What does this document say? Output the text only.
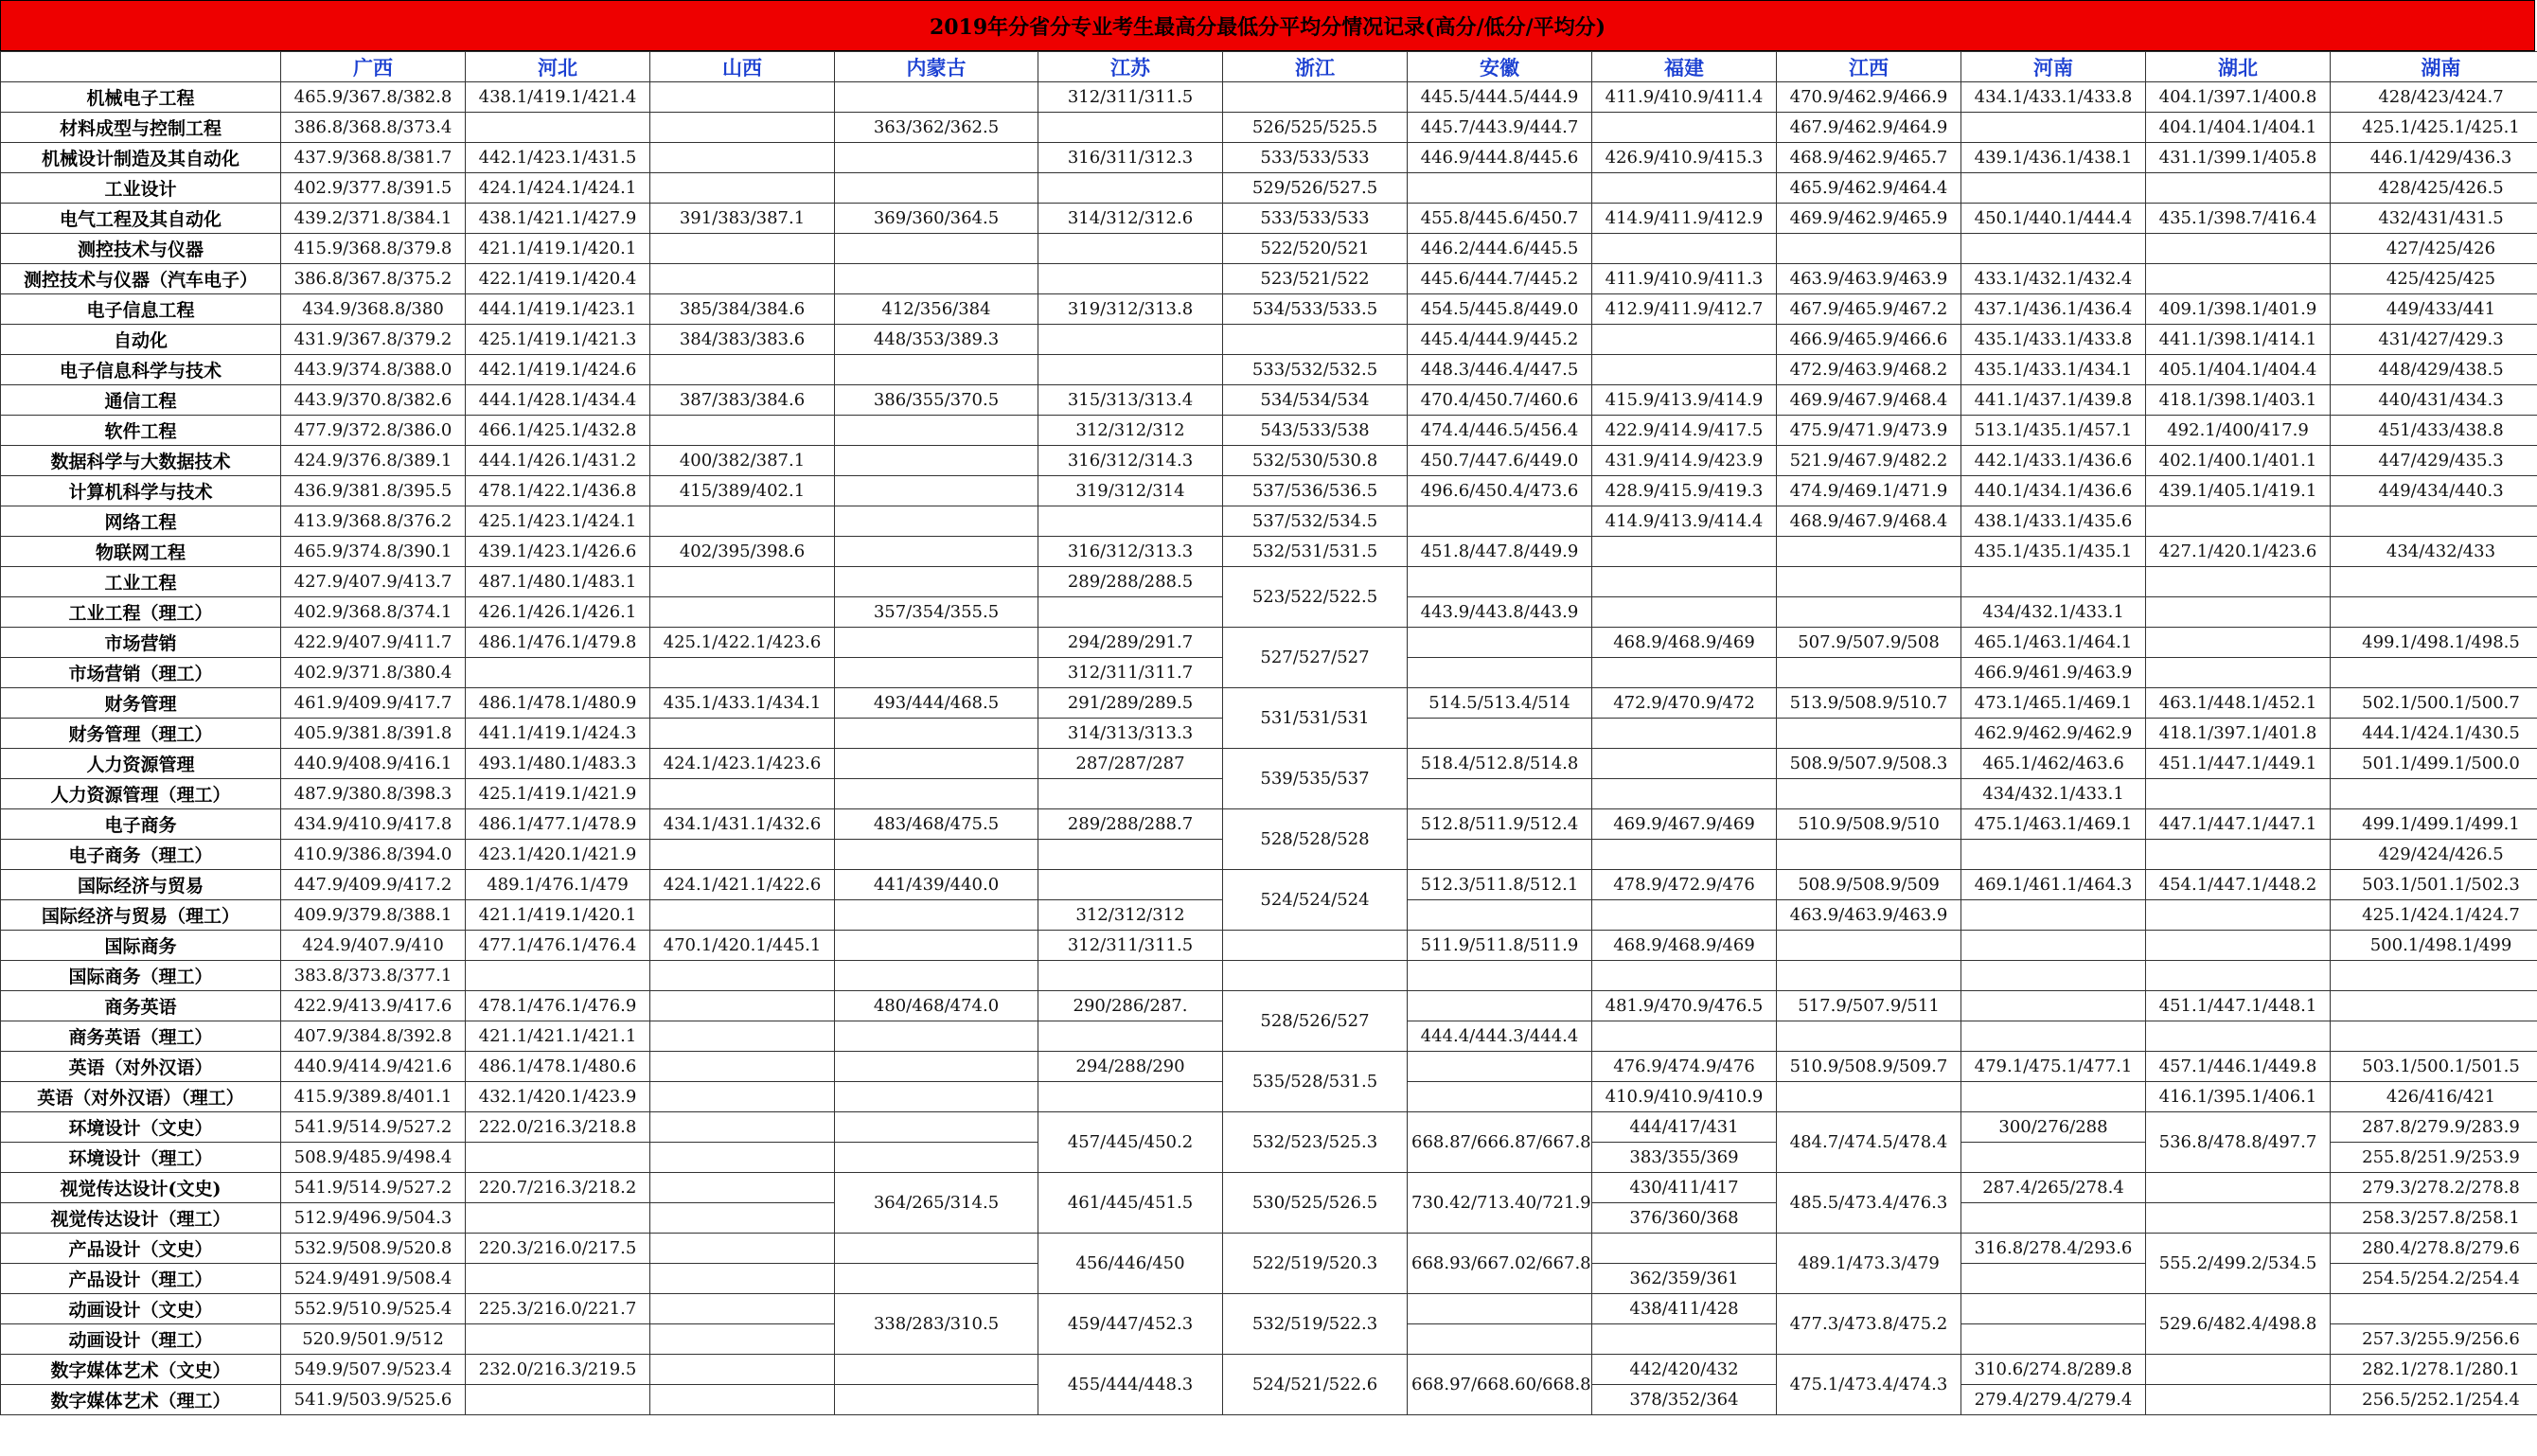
2019年分省分专业考生最高分最低分平均分情况记录(高分/低分/平均分)
	广西	河北	山西	内蒙古	江苏	浙江	安徽	福建	江西	河南	湖北	湖南
机械电子工程	465.9/367.8/382.8	438.1/419.1/421.4			312/311/311.5		445.5/444.5/444.9	411.9/410.9/411.4	470.9/462.9/466.9	434.1/433.1/433.8	404.1/397.1/400.8	428/423/424.7
材料成型与控制工程	386.8/368.8/373.4			363/362/362.5		526/525/525.5	445.7/443.9/444.7		467.9/462.9/464.9		404.1/404.1/404.1	425.1/425.1/425.1
机械设计制造及其自动化	437.9/368.8/381.7	442.1/423.1/431.5			316/311/312.3	533/533/533	446.9/444.8/445.6	426.9/410.9/415.3	468.9/462.9/465.7	439.1/436.1/438.1	431.1/399.1/405.8	446.1/429/436.3
工业设计	402.9/377.8/391.5	424.1/424.1/424.1				529/526/527.5			465.9/462.9/464.4			428/425/426.5
电气工程及其自动化	439.2/371.8/384.1	438.1/421.1/427.9	391/383/387.1	369/360/364.5	314/312/312.6	533/533/533	455.8/445.6/450.7	414.9/411.9/412.9	469.9/462.9/465.9	450.1/440.1/444.4	435.1/398.7/416.4	432/431/431.5
测控技术与仪器	415.9/368.8/379.8	421.1/419.1/420.1				522/520/521	446.2/444.6/445.5					427/425/426
测控技术与仪器（汽车电子）	386.8/367.8/375.2	422.1/419.1/420.4				523/521/522	445.6/444.7/445.2	411.9/410.9/411.3	463.9/463.9/463.9	433.1/432.1/432.4		425/425/425
电子信息工程	434.9/368.8/380	444.1/419.1/423.1	385/384/384.6	412/356/384	319/312/313.8	534/533/533.5	454.5/445.8/449.0	412.9/411.9/412.7	467.9/465.9/467.2	437.1/436.1/436.4	409.1/398.1/401.9	449/433/441
自动化	431.9/367.8/379.2	425.1/419.1/421.3	384/383/383.6	448/353/389.3			445.4/444.9/445.2		466.9/465.9/466.6	435.1/433.1/433.8	441.1/398.1/414.1	431/427/429.3
电子信息科学与技术	443.9/374.8/388.0	442.1/419.1/424.6				533/532/532.5	448.3/446.4/447.5		472.9/463.9/468.2	435.1/433.1/434.1	405.1/404.1/404.4	448/429/438.5
通信工程	443.9/370.8/382.6	444.1/428.1/434.4	387/383/384.6	386/355/370.5	315/313/313.4	534/534/534	470.4/450.7/460.6	415.9/413.9/414.9	469.9/467.9/468.4	441.1/437.1/439.8	418.1/398.1/403.1	440/431/434.3
软件工程	477.9/372.8/386.0	466.1/425.1/432.8			312/312/312	543/533/538	474.4/446.5/456.4	422.9/414.9/417.5	475.9/471.9/473.9	513.1/435.1/457.1	492.1/400/417.9	451/433/438.8
数据科学与大数据技术	424.9/376.8/389.1	444.1/426.1/431.2	400/382/387.1		316/312/314.3	532/530/530.8	450.7/447.6/449.0	431.9/414.9/423.9	521.9/467.9/482.2	442.1/433.1/436.6	402.1/400.1/401.1	447/429/435.3
计算机科学与技术	436.9/381.8/395.5	478.1/422.1/436.8	415/389/402.1		319/312/314	537/536/536.5	496.6/450.4/473.6	428.9/415.9/419.3	474.9/469.1/471.9	440.1/434.1/436.6	439.1/405.1/419.1	449/434/440.3
网络工程	413.9/368.8/376.2	425.1/423.1/424.1				537/532/534.5		414.9/413.9/414.4	468.9/467.9/468.4	438.1/433.1/435.6		
物联网工程	465.9/374.8/390.1	439.1/423.1/426.6	402/395/398.6		316/312/313.3	532/531/531.5	451.8/447.8/449.9			435.1/435.1/435.1	427.1/420.1/423.6	434/432/433
工业工程	427.9/407.9/413.7	487.1/480.1/483.1			289/288/288.5	523/522/522.5						
工业工程（理工）	402.9/368.8/374.1	426.1/426.1/426.1		357/354/355.5			443.9/443.8/443.9			434/432.1/433.1		
市场营销	422.9/407.9/411.7	486.1/476.1/479.8	425.1/422.1/423.6		294/289/291.7	527/527/527		468.9/468.9/469	507.9/507.9/508	465.1/463.1/464.1		499.1/498.1/498.5
市场营销（理工）	402.9/371.8/380.4				312/311/311.7					466.9/461.9/463.9		
财务管理	461.9/409.9/417.7	486.1/478.1/480.9	435.1/433.1/434.1	493/444/468.5	291/289/289.5	531/531/531	514.5/513.4/514	472.9/470.9/472	513.9/508.9/510.7	473.1/465.1/469.1	463.1/448.1/452.1	502.1/500.1/500.7
财务管理（理工）	405.9/381.8/391.8	441.1/419.1/424.3			314/313/313.3					462.9/462.9/462.9	418.1/397.1/401.8	444.1/424.1/430.5
人力资源管理	440.9/408.9/416.1	493.1/480.1/483.3	424.1/423.1/423.6		287/287/287	539/535/537	518.4/512.8/514.8		508.9/507.9/508.3	465.1/462/463.6	451.1/447.1/449.1	501.1/499.1/500.0
人力资源管理（理工）	487.9/380.8/398.3	425.1/419.1/421.9								434/432.1/433.1		
电子商务	434.9/410.9/417.8	486.1/477.1/478.9	434.1/431.1/432.6	483/468/475.5	289/288/288.7	528/528/528	512.8/511.9/512.4	469.9/467.9/469	510.9/508.9/510	475.1/463.1/469.1	447.1/447.1/447.1	499.1/499.1/499.1
电子商务（理工）	410.9/386.8/394.0	423.1/420.1/421.9										429/424/426.5
国际经济与贸易	447.9/409.9/417.2	489.1/476.1/479	424.1/421.1/422.6	441/439/440.0		524/524/524	512.3/511.8/512.1	478.9/472.9/476	508.9/508.9/509	469.1/461.1/464.3	454.1/447.1/448.2	503.1/501.1/502.3
国际经济与贸易（理工）	409.9/379.8/388.1	421.1/419.1/420.1			312/312/312				463.9/463.9/463.9			425.1/424.1/424.7
国际商务	424.9/407.9/410	477.1/476.1/476.4	470.1/420.1/445.1		312/311/311.5		511.9/511.8/511.9	468.9/468.9/469				500.1/498.1/499
国际商务（理工）	383.8/373.8/377.1											
商务英语	422.9/413.9/417.6	478.1/476.1/476.9		480/468/474.0	290/286/287.	528/526/527		481.9/470.9/476.5	517.9/507.9/511		451.1/447.1/448.1	
商务英语（理工）	407.9/384.8/392.8	421.1/421.1/421.1					444.4/444.3/444.4					
英语（对外汉语）	440.9/414.9/421.6	486.1/478.1/480.6			294/288/290	535/528/531.5		476.9/474.9/476	510.9/508.9/509.7	479.1/475.1/477.1	457.1/446.1/449.8	503.1/500.1/501.5
英语（对外汉语）（理工）	415.9/389.8/401.1	432.1/420.1/423.9						410.9/410.9/410.9			416.1/395.1/406.1	426/416/421
环境设计（文史）	541.9/514.9/527.2	222.0/216.3/218.8			457/445/450.2	532/523/525.3	668.87/666.87/667.8	444/417/431	484.7/474.5/478.4	300/276/288	536.8/478.8/497.7	287.8/279.9/283.9
环境设计（理工）	508.9/485.9/498.4							383/355/369				255.8/251.9/253.9
视觉传达设计(文史)	541.9/514.9/527.2	220.7/216.3/218.2		364/265/314.5	461/445/451.5	530/525/526.5	730.42/713.40/721.9	430/411/417	485.5/473.4/476.3	287.4/265/278.4		279.3/278.2/278.8
视觉传达设计（理工）	512.9/496.9/504.3							376/360/368				258.3/257.8/258.1
产品设计（文史）	532.9/508.9/520.8	220.3/216.0/217.5			456/446/450	522/519/520.3	668.93/667.02/667.8		489.1/473.3/479	316.8/278.4/293.6	555.2/499.2/534.5	280.4/278.8/279.6
产品设计（理工）	524.9/491.9/508.4							362/359/361				254.5/254.2/254.4
动画设计（文史）	552.9/510.9/525.4	225.3/216.0/221.7		338/283/310.5	459/447/452.3	532/519/522.3		438/411/428	477.3/473.8/475.2		529.6/482.4/498.8	
动画设计（理工）	520.9/501.9/512											257.3/255.9/256.6
数字媒体艺术（文史）	549.9/507.9/523.4	232.0/216.3/219.5			455/444/448.3	524/521/522.6	668.97/668.60/668.8	442/420/432	475.1/473.4/474.3	310.6/274.8/289.8		282.1/278.1/280.1
数字媒体艺术（理工）	541.9/503.9/525.6							378/352/364		279.4/279.4/279.4		256.5/252.1/254.4
